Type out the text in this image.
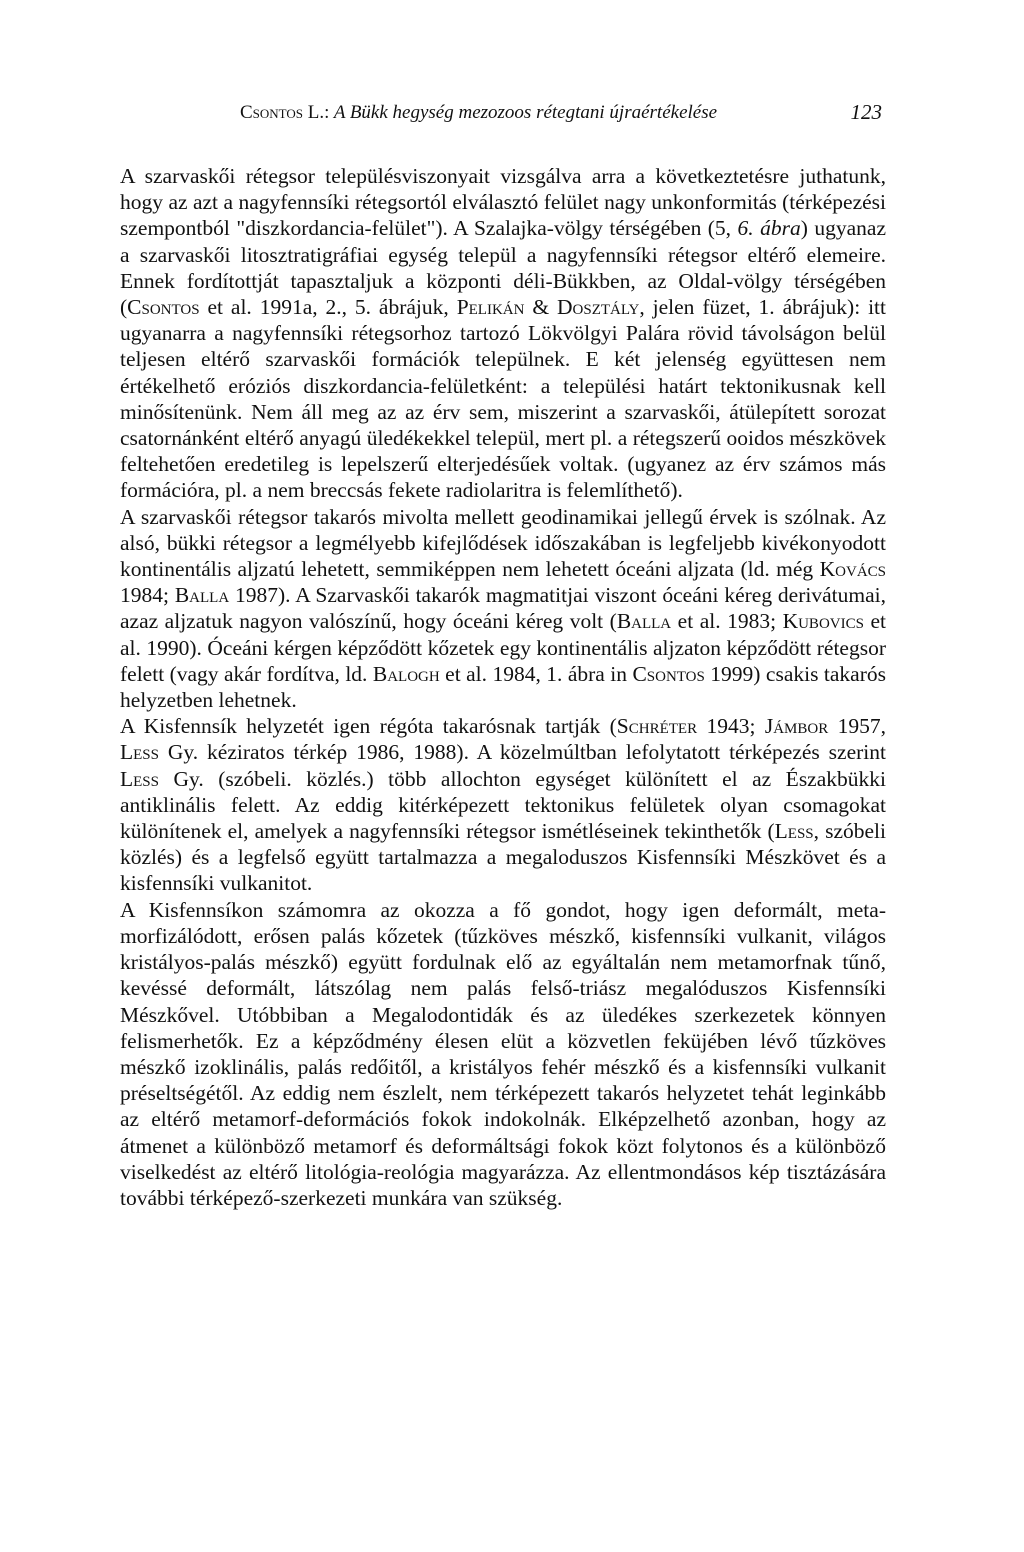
Csontos L.: A Bükk hegység mezozoos rétegtani újraértékelése	123

A szarvaskői rétegsor településviszonyait vizsgálva arra a következtetésre juthatunk, hogy az azt a nagyfennsíki rétegsortól elválasztó felület nagy unkonformitás (térképezési szempontból "diszkordancia-felület"). A Szalajka-völgy térségében (5, 6. ábra) ugyanaz a szarvaskői litosztratigráfiai egység települ a nagyfennsíki rétegsor eltérő elemeire. Ennek fordítottját tapasztaljuk a központi déli-Bükkben, az Oldal-völgy térségében (Csontos et al. 1991a, 2., 5. ábrájuk, Pelikán & Dosztály, jelen füzet, 1. ábrájuk): itt ugyanarra a nagyfennsíki rétegsorhoz tartozó Lökvölgyi Palára rövid távolságon belül teljesen eltérő szarvaskői formációk települnek. E két jelenség együttesen nem értékelhető eróziós diszkordancia-felületként: a települési határt tektonikusnak kell minősítenünk. Nem áll meg az az érv sem, miszerint a szarvaskői, átülepített sorozat csatornánként eltérő anyagú üledékekkel települ, mert pl. a rétegszerű ooidos mészkövek feltehetően eredetileg is lepelszerű elterjedésűek voltak. (ugyanez az érv számos más formációra, pl. a nem breccsás fekete radiolaritra is felemlíthető).

A szarvaskői rétegsor takarós mivolta mellett geodinamikai jellegű érvek is szólnak. Az alsó, bükki rétegsor a legmélyebb kifejlődések időszakában is legfeljebb kivékonyodott kontinentális aljzatú lehetett, semmiképpen nem lehetett óceáni aljzata (ld. még Kovács 1984; Balla 1987). A Szarvaskői takarók magmatitjai viszont óceáni kéreg derivátumai, azaz aljzatuk nagyon valószínű, hogy óceáni kéreg volt (Balla et al. 1983; Kubovics et al. 1990). Óceáni kérgen képződött kőzetek egy kontinentális aljzaton képződött rétegsor felett (vagy akár fordítva, ld. Balogh et al. 1984, 1. ábra in Csontos 1999) csakis takarós helyzetben lehetnek.

A Kisfennsík helyzetét igen régóta takarósnak tartják (Schréter 1943; Jámbor 1957, Less Gy. kéziratos térkép 1986, 1988). A közelmúltban lefolytatott térképezés szerint Less Gy. (szóbeli. közlés.) több allochton egységet különített el az Északbükki antiklinális felett. Az eddig kitérképezett tektonikus felületek olyan csomagokat különítenek el, amelyek a nagyfennsíki rétegsor ismétléseinek tekinthetők (Less, szóbeli közlés) és a legfelső együtt tartalmazza a megaloduszos Kisfennsíki Mészkövet és a kisfennsíki vulkanitot.

A Kisfennsíkon számomra az okozza a fő gondot, hogy igen deformált, metamorfizálódott, erősen palás kőzetek (tűzköves mészkő, kisfennsíki vulkanit, világos kristályos-palás mészkő) együtt fordulnak elő az egyáltalán nem metamorfnak tűnő, kevéssé deformált, látszólag nem palás felső-triász megalóduszos Kisfennsíki Mészkővel. Utóbbiban a Megalodontidák és az üledékes szerkezetek könnyen felismerhetők. Ez a képződmény élesen elüt a közvetlen feküjében lévő tűzköves mészkő izoklinális, palás redőitől, a kristályos fehér mészkő és a kisfennsíki vulkanit préseltségétől. Az eddig nem észlelt, nem térképezett takarós helyzetet tehát leginkább az eltérő metamorf-deformációs fokok indokolnák. Elképzelhető azonban, hogy az átmenet a különböző metamorf és deformáltsági fokok közt folytonos és a különböző viselkedést az eltérő litológia-reológia magyarázza. Az ellentmondásos kép tisztázására további térképező-szerkezeti munkára van szükség.
